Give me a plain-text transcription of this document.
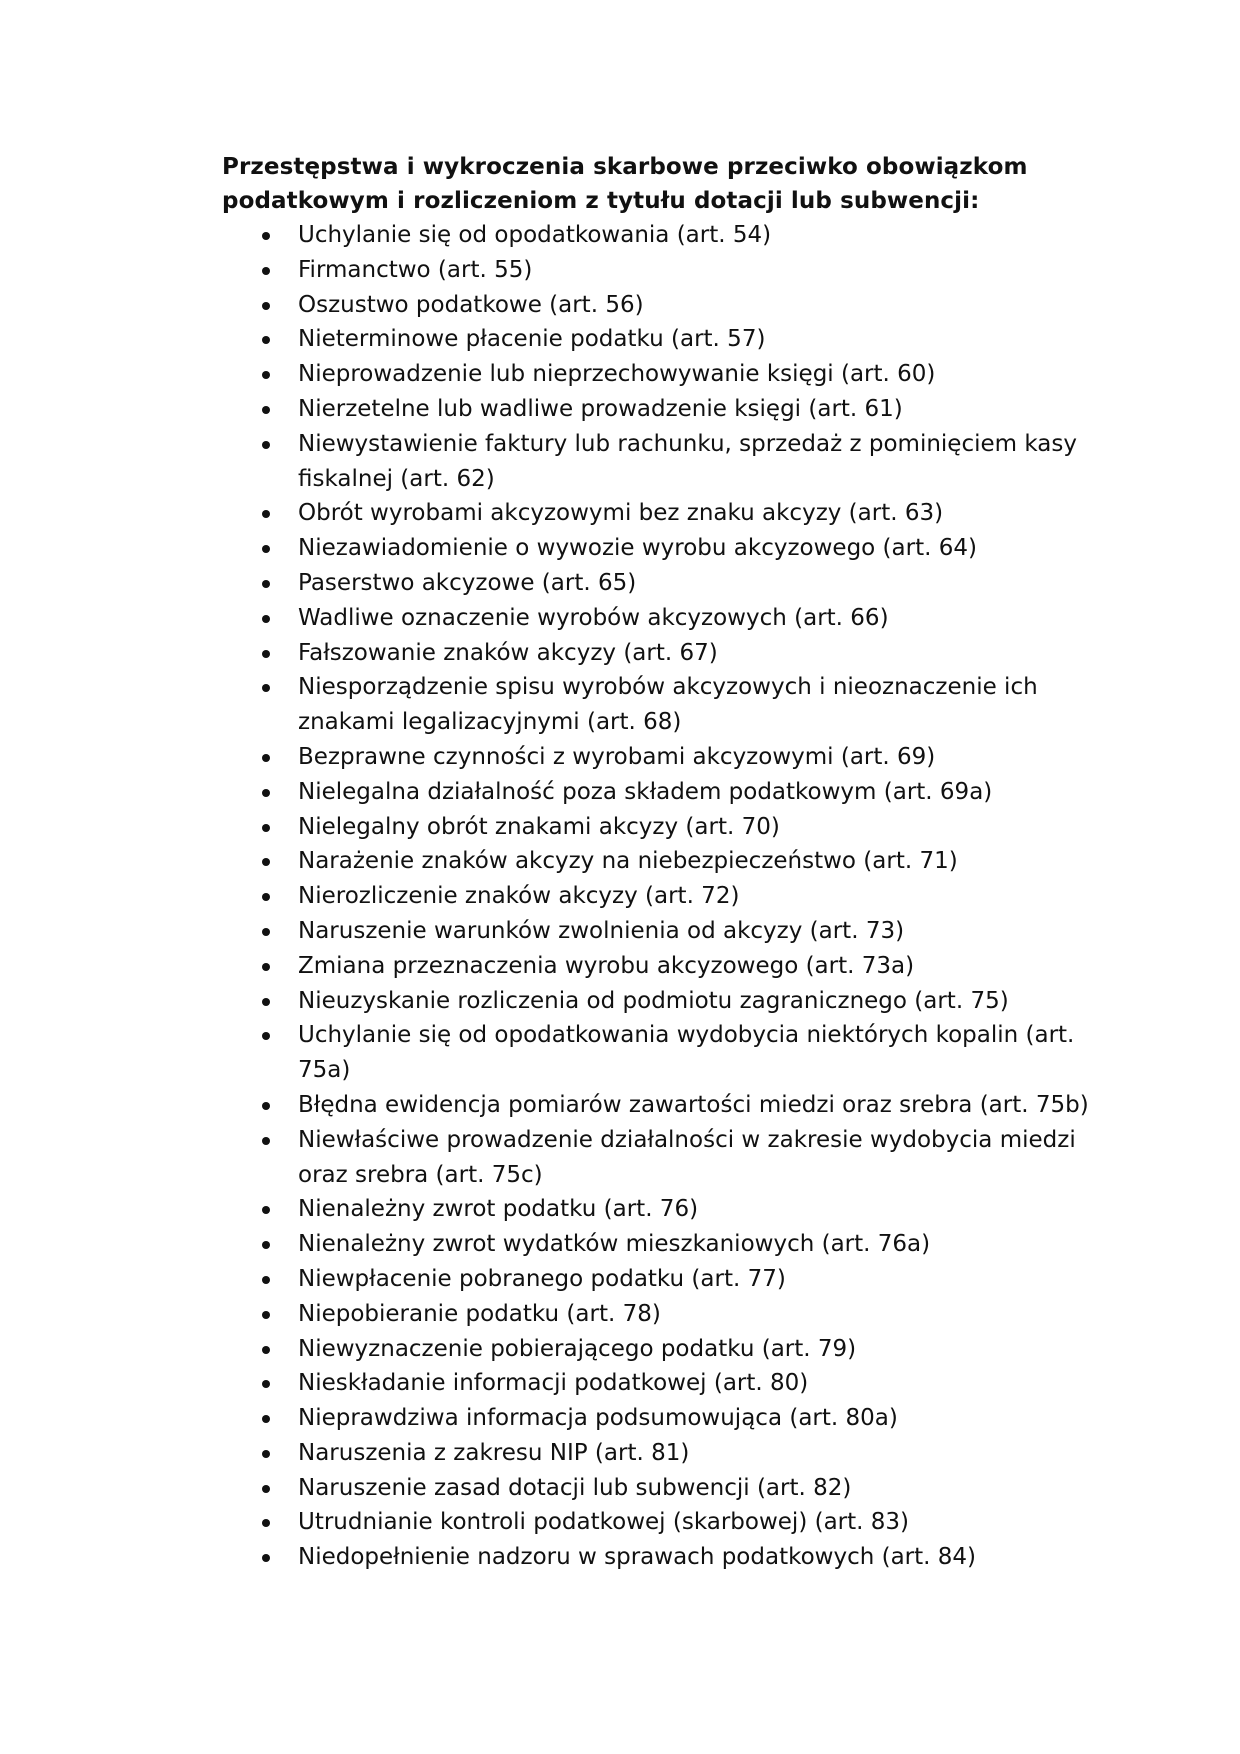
Przestępstwa i wykroczenia skarbowe przeciwko obowiązkom
podatkowym i rozliczeniom z tytułu dotacji lub subwencji:
Uchylanie się od opodatkowania (art. 54)
Firmanctwo (art. 55)
Oszustwo podatkowe (art. 56)
Nieterminowe płacenie podatku (art. 57)
Nieprowadzenie lub nieprzechowywanie księgi (art. 60)
Nierzetelne lub wadliwe prowadzenie księgi (art. 61)
Niewystawienie faktury lub rachunku, sprzedaż z pominięciem kasy fiskalnej (art. 62)
Obrót wyrobami akcyzowymi bez znaku akcyzy (art. 63)
Niezawiadomienie o wywozie wyrobu akcyzowego (art. 64)
Paserstwo akcyzowe (art. 65)
Wadliwe oznaczenie wyrobów akcyzowych (art. 66)
Fałszowanie znaków akcyzy (art. 67)
Niesporządzenie spisu wyrobów akcyzowych i nieoznaczenie ich znakami legalizacyjnymi (art. 68)
Bezprawne czynności z wyrobami akcyzowymi (art. 69)
Nielegalna działalność poza składem podatkowym (art. 69a)
Nielegalny obrót znakami akcyzy (art. 70)
Narażenie znaków akcyzy na niebezpieczeństwo (art. 71)
Nierozliczenie znaków akcyzy (art. 72)
Naruszenie warunków zwolnienia od akcyzy (art. 73)
Zmiana przeznaczenia wyrobu akcyzowego (art. 73a)
Nieuzyskanie rozliczenia od podmiotu zagranicznego (art. 75)
Uchylanie się od opodatkowania wydobycia niektórych kopalin (art. 75a)
Błędna ewidencja pomiarów zawartości miedzi oraz srebra (art. 75b)
Niewłaściwe prowadzenie działalności w zakresie wydobycia miedzi oraz srebra (art. 75c)
Nienależny zwrot podatku (art. 76)
Nienależny zwrot wydatków mieszkaniowych (art. 76a)
Niewpłacenie pobranego podatku (art. 77)
Niepobieranie podatku (art. 78)
Niewyznaczenie pobierającego podatku (art. 79)
Nieskładanie informacji podatkowej (art. 80)
Nieprawdziwa informacja podsumowująca (art. 80a)
Naruszenia z zakresu NIP (art. 81)
Naruszenie zasad dotacji lub subwencji (art. 82)
Utrudnianie kontroli podatkowej (skarbowej) (art. 83)
Niedopełnienie nadzoru w sprawach podatkowych (art. 84)
